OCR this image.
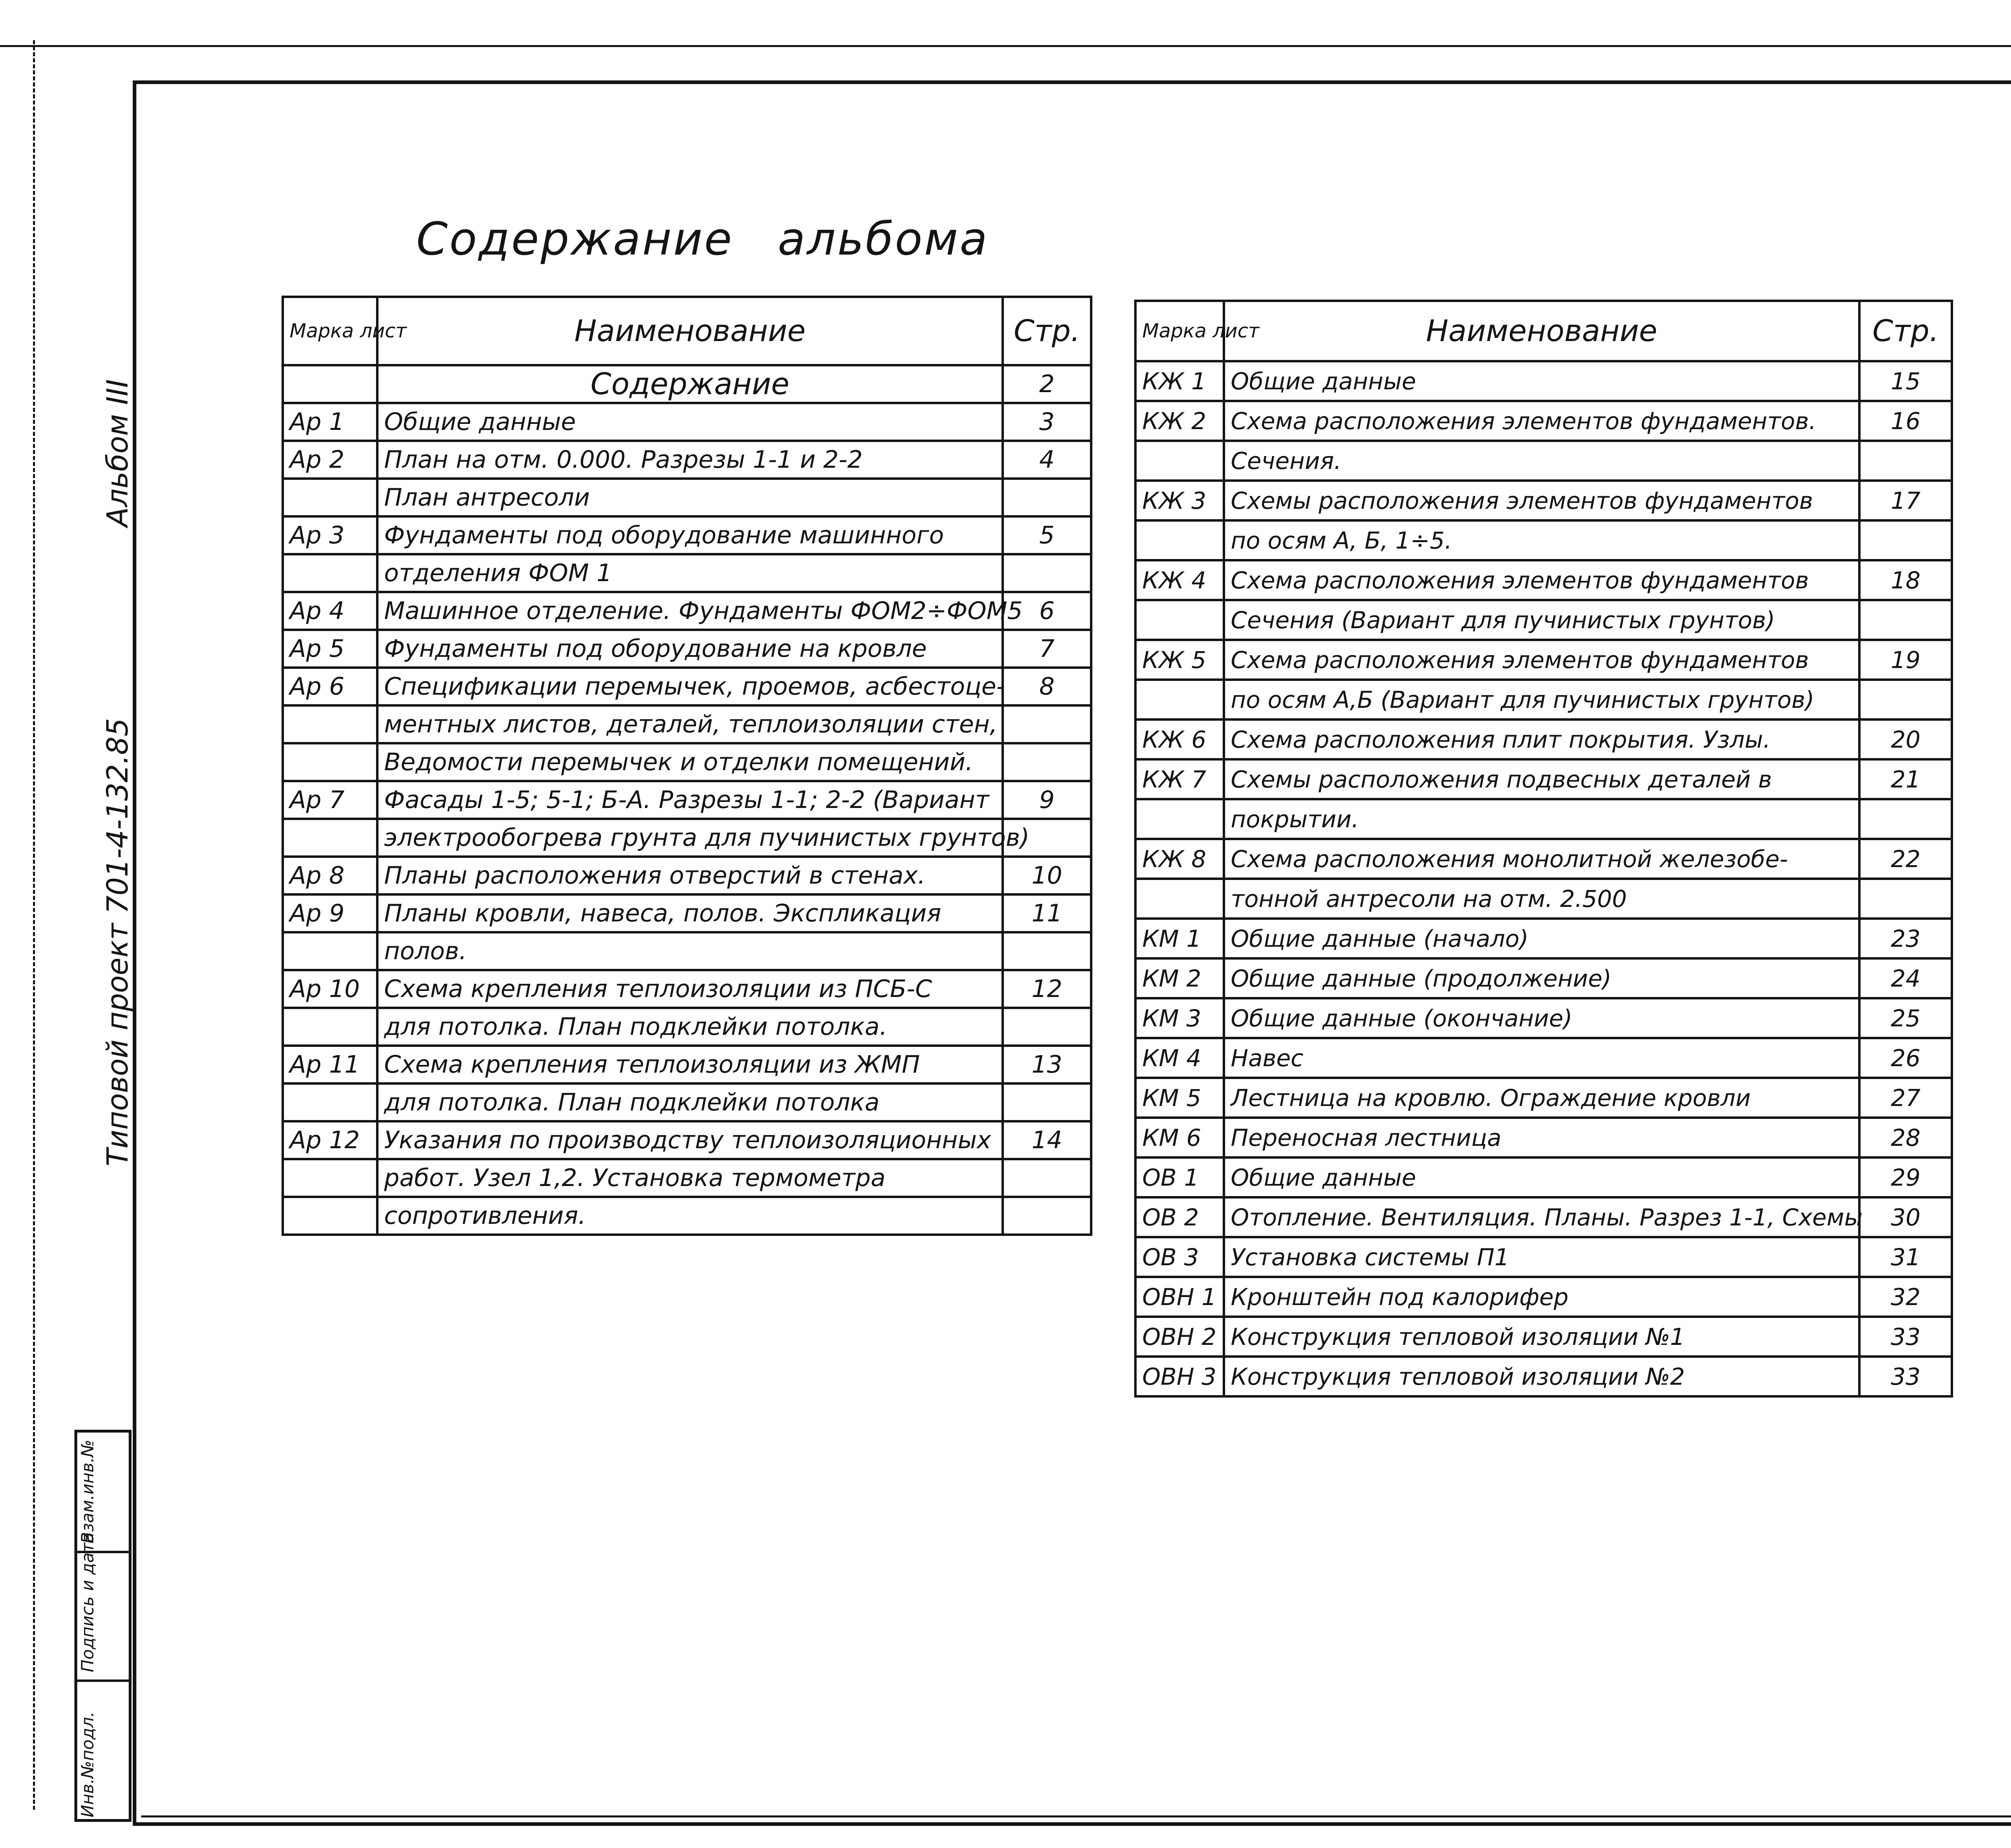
Альбом III
Типовой проект 701-4-132.85
Инв.№подл.
Подпись и дата
Взам.инв.№
Содержание альбома
Марка лист	Наименование	Стр.
	Содержание	2
Ар 1	Общие данные	3
Ар 2	План на отм. 0.000. Разрезы 1-1 и 2-2	4
	План антресоли	
Ар 3	Фундаменты под оборудование машинного	5
	отделения ФОМ 1	
Ар 4	Машинное отделение. Фундаменты ФОМ2÷ФОМ5	6
Ар 5	Фундаменты под оборудование на кровле	7
Ар 6	Спецификации перемычек, проемов, асбестоце-	8
	ментных листов, деталей, теплоизоляции стен,	
	Ведомости перемычек и отделки помещений.	
Ар 7	Фасады 1-5; 5-1; Б-А. Разрезы 1-1; 2-2 (Вариант	9
	электрообогрева грунта для пучинистых грунтов)	
Ар 8	Планы расположения отверстий в стенах.	10
Ар 9	Планы кровли, навеса, полов. Экспликация	11
	полов.	
Ар 10	Схема крепления теплоизоляции из ПСБ-С	12
	для потолка. План подклейки потолка.	
Ар 11	Схема крепления теплоизоляции из ЖМП	13
	для потолка. План подклейки потолка	
Ар 12	Указания по производству теплоизоляционных	14
	работ. Узел 1,2. Установка термометра	
	сопротивления.	
Марка лист	Наименование	Стр.
КЖ 1	Общие данные	15
КЖ 2	Схема расположения элементов фундаментов.	16
	Сечения.	
КЖ 3	Схемы расположения элементов фундаментов	17
	по осям А, Б, 1÷5.	
КЖ 4	Схема расположения элементов фундаментов	18
	Сечения (Вариант для пучинистых грунтов)	
КЖ 5	Схема расположения элементов фундаментов	19
	по осям А,Б (Вариант для пучинистых грунтов)	
КЖ 6	Схема расположения плит покрытия. Узлы.	20
КЖ 7	Схемы расположения подвесных деталей в	21
	покрытии.	
КЖ 8	Схема расположения монолитной железобе-	22
	тонной антресоли на отм. 2.500	
КМ 1	Общие данные (начало)	23
КМ 2	Общие данные (продолжение)	24
КМ 3	Общие данные (окончание)	25
КМ 4	Навес	26
КМ 5	Лестница на кровлю. Ограждение кровли	27
КМ 6	Переносная лестница	28
ОВ 1	Общие данные	29
ОВ 2	Отопление. Вентиляция. Планы. Разрез 1-1, Схемы	30
ОВ 3	Установка системы П1	31
ОВН 1	Кронштейн под калорифер	32
ОВН 2	Конструкция тепловой изоляции №1	33
ОВН 3	Конструкция тепловой изоляции №2	33
